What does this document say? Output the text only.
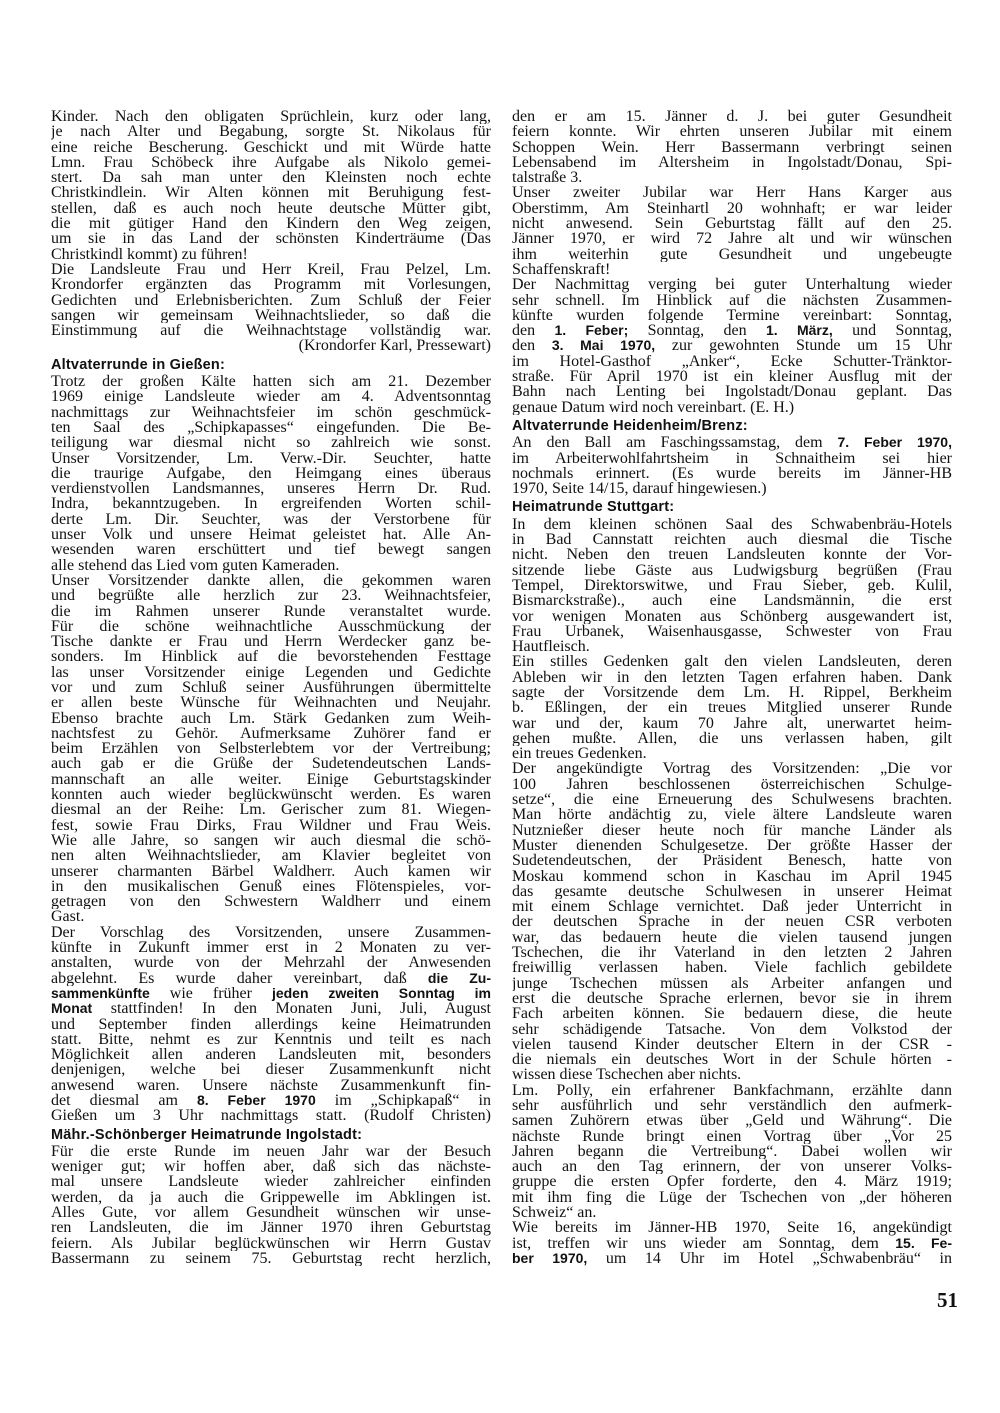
Kinder. Nach den obligaten Sprüchlein, kurz oder lang,
je nach Alter und Begabung, sorgte St. Nikolaus für
eine reiche Bescherung. Geschickt und mit Würde hatte
Lmn. Frau Schöbeck ihre Aufgabe als Nikolo gemei-
stert. Da sah man unter den Kleinsten noch echte
Christkindlein. Wir Alten können mit Beruhigung fest-
stellen, daß es auch noch heute deutsche Mütter gibt,
die mit gütiger Hand den Kindern den Weg zeigen,
um sie in das Land der schönsten Kinderträume (Das
Christkindl kommt) zu führen!
Die Landsleute Frau und Herr Kreil, Frau Pelzel, Lm.
Krondorfer ergänzten das Programm mit Vorlesungen,
Gedichten und Erlebnisberichten. Zum Schluß der Feier
sangen wir gemeinsam Weihnachtslieder, so daß die
Einstimmung auf die Weihnachtstage vollständig war.
(Krondorfer Karl, Pressewart)
Altvaterrunde in Gießen:
Trotz der großen Kälte hatten sich am 21. Dezember
1969 einige Landsleute wieder am 4. Adventsonntag
nachmittags zur Weihnachtsfeier im schön geschmück-
ten Saal des „Schipkapasses“ eingefunden. Die Be-
teiligung war diesmal nicht so zahlreich wie sonst.
Unser Vorsitzender, Lm. Verw.-Dir. Seuchter, hatte
die traurige Aufgabe, den Heimgang eines überaus
verdienstvollen Landsmannes, unseres Herrn Dr. Rud.
Indra, bekanntzugeben. In ergreifenden Worten schil-
derte Lm. Dir. Seuchter, was der Verstorbene für
unser Volk und unsere Heimat geleistet hat. Alle An-
wesenden waren erschüttert und tief bewegt sangen
alle stehend das Lied vom guten Kameraden.
Unser Vorsitzender dankte allen, die gekommen waren
und begrüßte alle herzlich zur 23. Weihnachtsfeier,
die im Rahmen unserer Runde veranstaltet wurde.
Für die schöne weihnachtliche Ausschmückung der
Tische dankte er Frau und Herrn Werdecker ganz be-
sonders. Im Hinblick auf die bevorstehenden Festtage
las unser Vorsitzender einige Legenden und Gedichte
vor und zum Schluß seiner Ausführungen übermittelte
er allen beste Wünsche für Weihnachten und Neujahr.
Ebenso brachte auch Lm. Stärk Gedanken zum Weih-
nachtsfest zu Gehör. Aufmerksame Zuhörer fand er
beim Erzählen von Selbsterlebtem vor der Vertreibung;
auch gab er die Grüße der Sudetendeutschen Lands-
mannschaft an alle weiter. Einige Geburtstagskinder
konnten auch wieder beglückwünscht werden. Es waren
diesmal an der Reihe: Lm. Gerischer zum 81. Wiegen-
fest, sowie Frau Dirks, Frau Wildner und Frau Weis.
Wie alle Jahre, so sangen wir auch diesmal die schö-
nen alten Weihnachtslieder, am Klavier begleitet von
unserer charmanten Bärbel Waldherr. Auch kamen wir
in den musikalischen Genuß eines Flötenspieles, vor-
getragen von den Schwestern Waldherr und einem
Gast.
Der Vorschlag des Vorsitzenden, unsere Zusammen-
künfte in Zukunft immer erst in 2 Monaten zu ver-
anstalten, wurde von der Mehrzahl der Anwesenden
abgelehnt. Es wurde daher vereinbart, daß die Zu-
sammenkünfte wie früher jeden zweiten Sonntag im
Monat stattfinden! In den Monaten Juni, Juli, August
und September finden allerdings keine Heimatrunden
statt. Bitte, nehmt es zur Kenntnis und teilt es nach
Möglichkeit allen anderen Landsleuten mit, besonders
denjenigen, welche bei dieser Zusammenkunft nicht
anwesend waren. Unsere nächste Zusammenkunft fin-
det diesmal am 8. Feber 1970 im „Schipkapaß“ in
Gießen um 3 Uhr nachmittags statt. (Rudolf Christen)
Mähr.-Schönberger Heimatrunde Ingolstadt:
Für die erste Runde im neuen Jahr war der Besuch
weniger gut; wir hoffen aber, daß sich das nächste-
mal unsere Landsleute wieder zahlreicher einfinden
werden, da ja auch die Grippewelle im Abklingen ist.
Alles Gute, vor allem Gesundheit wünschen wir unse-
ren Landsleuten, die im Jänner 1970 ihren Geburtstag
feiern. Als Jubilar beglückwünschen wir Herrn Gustav
Bassermann zu seinem 75. Geburtstag recht herzlich,
den er am 15. Jänner d. J. bei guter Gesundheit
feiern konnte. Wir ehrten unseren Jubilar mit einem
Schoppen Wein. Herr Bassermann verbringt seinen
Lebensabend im Altersheim in Ingolstadt/Donau, Spi-
talstraße 3.
Unser zweiter Jubilar war Herr Hans Karger aus
Oberstimm, Am Steinhartl 20 wohnhaft; er war leider
nicht anwesend. Sein Geburtstag fällt auf den 25.
Jänner 1970, er wird 72 Jahre alt und wir wünschen
ihm weiterhin gute Gesundheit und ungebeugte
Schaffenskraft!
Der Nachmittag verging bei guter Unterhaltung wieder
sehr schnell. Im Hinblick auf die nächsten Zusammen-
künfte wurden folgende Termine vereinbart: Sonntag,
den 1. Feber; Sonntag, den 1. März, und Sonntag,
den 3. Mai 1970, zur gewohnten Stunde um 15 Uhr
im Hotel-Gasthof „Anker“, Ecke Schutter-Tränktor-
straße. Für April 1970 ist ein kleiner Ausflug mit der
Bahn nach Lenting bei Ingolstadt/Donau geplant. Das
genaue Datum wird noch vereinbart. (E. H.)
Altvaterrunde Heidenheim/Brenz:
An den Ball am Faschingssamstag, dem 7. Feber 1970,
im Arbeiterwohlfahrtsheim in Schnaitheim sei hier
nochmals erinnert. (Es wurde bereits im Jänner-HB
1970, Seite 14/15, darauf hingewiesen.)
Heimatrunde Stuttgart:
In dem kleinen schönen Saal des Schwabenbräu-Hotels
in Bad Cannstatt reichten auch diesmal die Tische
nicht. Neben den treuen Landsleuten konnte der Vor-
sitzende liebe Gäste aus Ludwigsburg begrüßen (Frau
Tempel, Direktorswitwe, und Frau Sieber, geb. Kulil,
Bismarckstraße)., auch eine Landsmännin, die erst
vor wenigen Monaten aus Schönberg ausgewandert ist,
Frau Urbanek, Waisenhausgasse, Schwester von Frau
Hautfleisch.
Ein stilles Gedenken galt den vielen Landsleuten, deren
Ableben wir in den letzten Tagen erfahren haben. Dank
sagte der Vorsitzende dem Lm. H. Rippel, Berkheim
b. Eßlingen, der ein treues Mitglied unserer Runde
war und der, kaum 70 Jahre alt, unerwartet heim-
gehen mußte. Allen, die uns verlassen haben, gilt
ein treues Gedenken.
Der angekündigte Vortrag des Vorsitzenden: „Die vor
100 Jahren beschlossenen österreichischen Schulge-
setze“, die eine Erneuerung des Schulwesens brachten.
Man hörte andächtig zu, viele ältere Landsleute waren
Nutznießer dieser heute noch für manche Länder als
Muster dienenden Schulgesetze. Der größte Hasser der
Sudetendeutschen, der Präsident Benesch, hatte von
Moskau kommend schon in Kaschau im April 1945
das gesamte deutsche Schulwesen in unserer Heimat
mit einem Schlage vernichtet. Daß jeder Unterricht in
der deutschen Sprache in der neuen CSR verboten
war, das bedauern heute die vielen tausend jungen
Tschechen, die ihr Vaterland in den letzten 2 Jahren
freiwillig verlassen haben. Viele fachlich gebildete
junge Tschechen müssen als Arbeiter anfangen und
erst die deutsche Sprache erlernen, bevor sie in ihrem
Fach arbeiten können. Sie bedauern diese, die heute
sehr schädigende Tatsache. Von dem Volkstod der
vielen tausend Kinder deutscher Eltern in der CSR -
die niemals ein deutsches Wort in der Schule hörten -
wissen diese Tschechen aber nichts.
Lm. Polly, ein erfahrener Bankfachmann, erzählte dann
sehr ausführlich und sehr verständlich den aufmerk-
samen Zuhörern etwas über „Geld und Währung“. Die
nächste Runde bringt einen Vortrag über „Vor 25
Jahren begann die Vertreibung“. Dabei wollen wir
auch an den Tag erinnern, der von unserer Volks-
gruppe die ersten Opfer forderte, den 4. März 1919;
mit ihm fing die Lüge der Tschechen von „der höheren
Schweiz“ an.
Wie bereits im Jänner-HB 1970, Seite 16, angekündigt
ist, treffen wir uns wieder am Sonntag, dem 15. Fe-
ber 1970, um 14 Uhr im Hotel „Schwabenbräu“ in
51
